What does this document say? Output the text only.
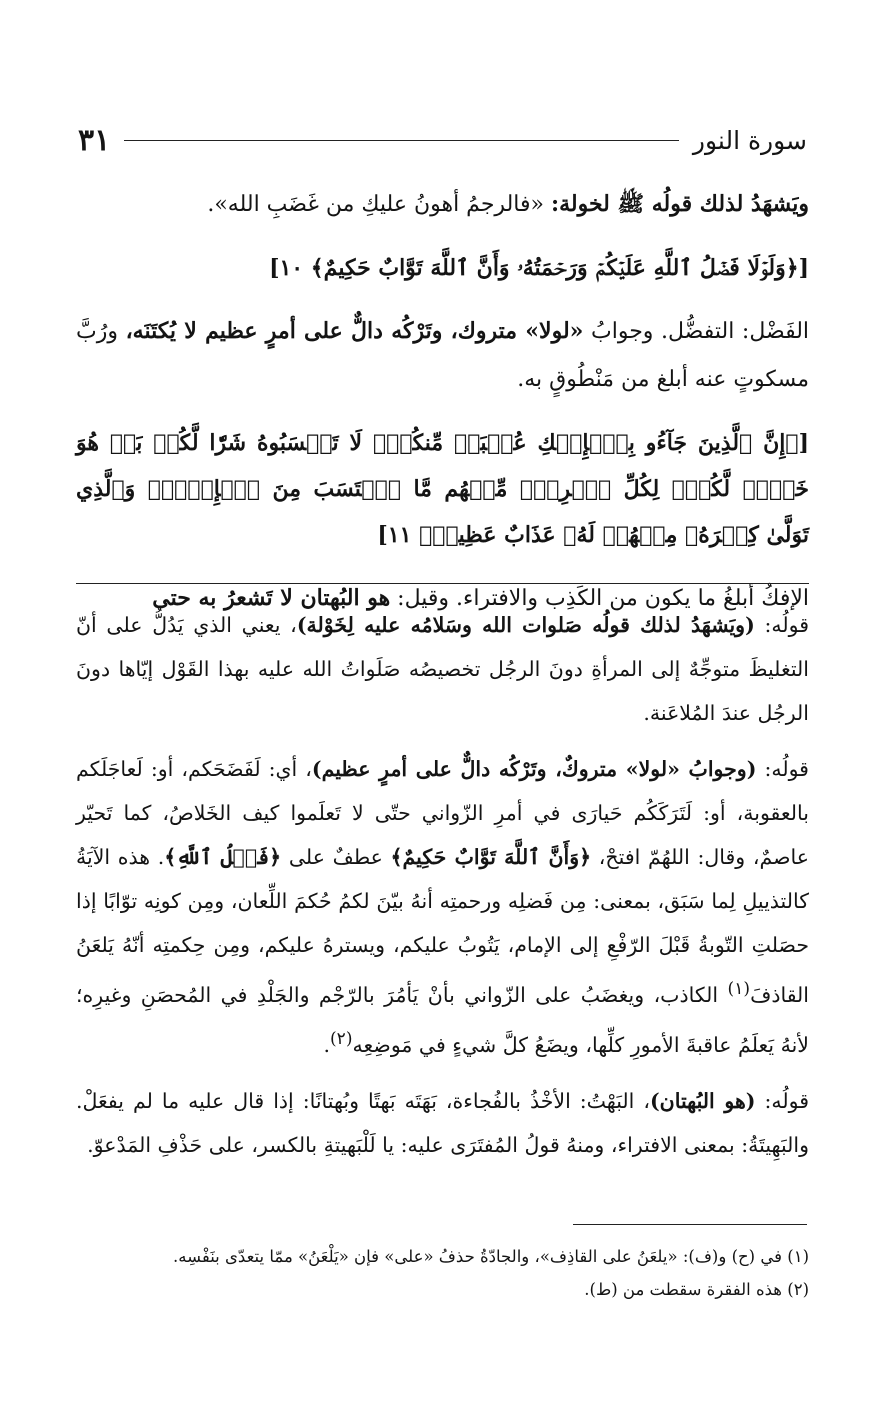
سورة النور
٣١

ويَشهَدُ لذلك قولُه ﷺ لخولة: «فالرجمُ أهونُ عليكِ من غَضَبِ الله».

[﴿وَلَوۡلَا فَضۡلُ ٱللَّهِ عَلَيۡكُمۡ وَرَحۡمَتُهُۥ وَأَنَّ ٱللَّهَ تَوَّابٌ حَكِيمٌ﴾ ١٠]

الفَضْل: التفضُّل. وجوابُ «لولا» متروك، وتَرْكُه دالٌّ على أمرٍ عظيم لا يُكتَنَه، ورُبَّ مسكوتٍ عنه أبلغ من مَنْطُوقٍ به.

[﴿إِنَّ ٱلَّذِينَ جَآءُو بِٱلۡإِفۡكِ عُصۡبَةٞ مِّنكُمۡۚ لَا تَحۡسَبُوهُ شَرّٗا لَّكُمۖ بَلۡ هُوَ خَيۡرٞ لَّكُمۡۚ لِكُلِّ ٱمۡرِيٕٖ مِّنۡهُم مَّا ٱكۡتَسَبَ مِنَ ٱلۡإِثۡمِۚ وَٱلَّذِي تَوَلَّىٰ كِبۡرَهُۥ مِنۡهُمۡ لَهُۥ عَذَابٌ عَظِيمٞ﴾ ١١]

الإفكُ أبلغُ ما يكون من الكَذِب والافتراء. وقيل: هو البُهتان لا تَشعرُ به حتى

قولُه: (ويَشهَدُ لذلك قولُه صَلوات الله وسَلامُه عليه لِخَوْلة)، يعني الذي يَدُلُّ على أنّ التغليظَ متوجِّهٌ إلى المرأةِ دونَ الرجُل تخصيصُه صَلَواتُ الله عليه بهذا القَوْل إيّاها دونَ الرجُل عندَ المُلاعَنة.

قولُه: (وجوابُ «لولا» متروكٌ، وتَرْكُه دالٌّ على أمرٍ عظيم)، أي: لَفَضَحَكم، أو: لَعاجَلَكم بالعقوبة، أو: لَتَرَكَكُم حَيارَى في أمرِ الزّواني حتّى لا تَعلَموا كيف الخَلاصُ، كما تَحيّر عاصمٌ، وقال: اللهُمّ افتحْ، ﴿وَأَنَّ ٱللَّهَ تَوَّابٌ حَكِيمٌ﴾ عطفٌ على ﴿فَضۡلُ ٱللَّهِ﴾. هذه الآيَةُ كالتذييلِ لِما سَبَق، بمعنى: مِن فَضلِه ورحمتِه أنهُ بيّنَ لكمُ حُكمَ اللِّعان، ومِن كونِه توّابًا إذا حصَلتِ التّوبةُ قَبْلَ الرّفْعِ إلى الإمام، يَتُوبُ عليكم، ويسترهُ عليكم، ومِن حِكمتِه أنّهُ يَلعَنُ القاذفَ$^{(١)}$ الكاذب، ويغضَبُ على الزّواني بأنْ يَأمُرَ بالرّجْم والجَلْدِ في المُحصَنِ وغيرِه؛ لأنهُ يَعلَمُ عاقبةَ الأمورِ كلِّها، ويضَعُ كلَّ شيءٍ في مَوضِعِه$^{(٢)}$.

قولُه: (هو البُهتان)، البَهْتُ: الأخْذُ بالفُجاءة، بَهَتَه بَهتًا وبُهتانًا: إذا قال عليه ما لم يفعَلْ. والبَهِيتَةُ: بمعنى الافتراء، ومنهُ قولُ المُفتَرَى عليه: يا لَلْبَهيتةِ بالكسر، على حَذْفِ المَدْعوّ.

(١) في (ح) و(ف): «يلعَنُ على القاذِف»، والجادّةُ حذفُ «على» فإن «يَلْعَنُ» ممّا يتعدّى بنَفْسِه.

(٢) هذه الفقرة سقطت من (ط).
